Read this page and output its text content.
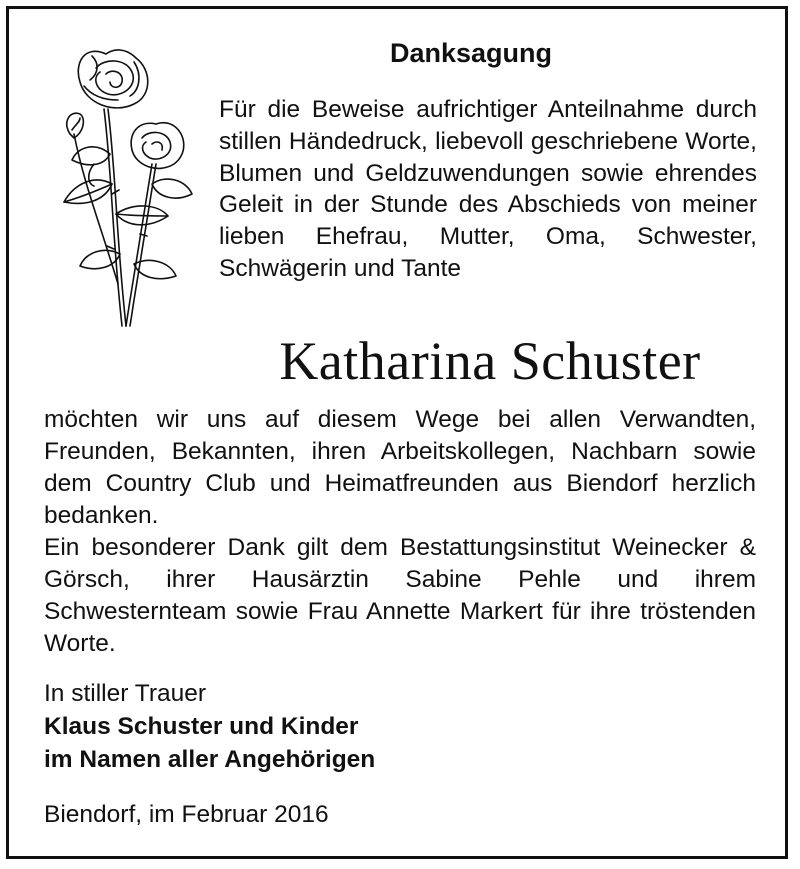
Danksagung

Für die Beweise aufrichtiger Anteilnahme durch stillen Händedruck, liebevoll geschriebene Worte, Blumen und Geldzuwendungen sowie ehrendes Geleit in der Stunde des Abschieds von meiner lieben Ehefrau, Mutter, Oma, Schwester, Schwägerin und Tante

Katharina Schuster

möchten wir uns auf diesem Wege bei allen Verwandten, Freunden, Bekannten, ihren Arbeitskollegen, Nachbarn sowie dem Country Club und Heimatfreunden aus Biendorf herzlich bedanken.

Ein besonderer Dank gilt dem Bestattungsinstitut Weinecker & Görsch, ihrer Hausärztin Sabine Pehle und ihrem Schwesternteam sowie Frau Annette Markert für ihre tröstenden Worte.

In stiller Trauer
Klaus Schuster und Kinder
im Namen aller Angehörigen
Biendorf, im Februar 2016
